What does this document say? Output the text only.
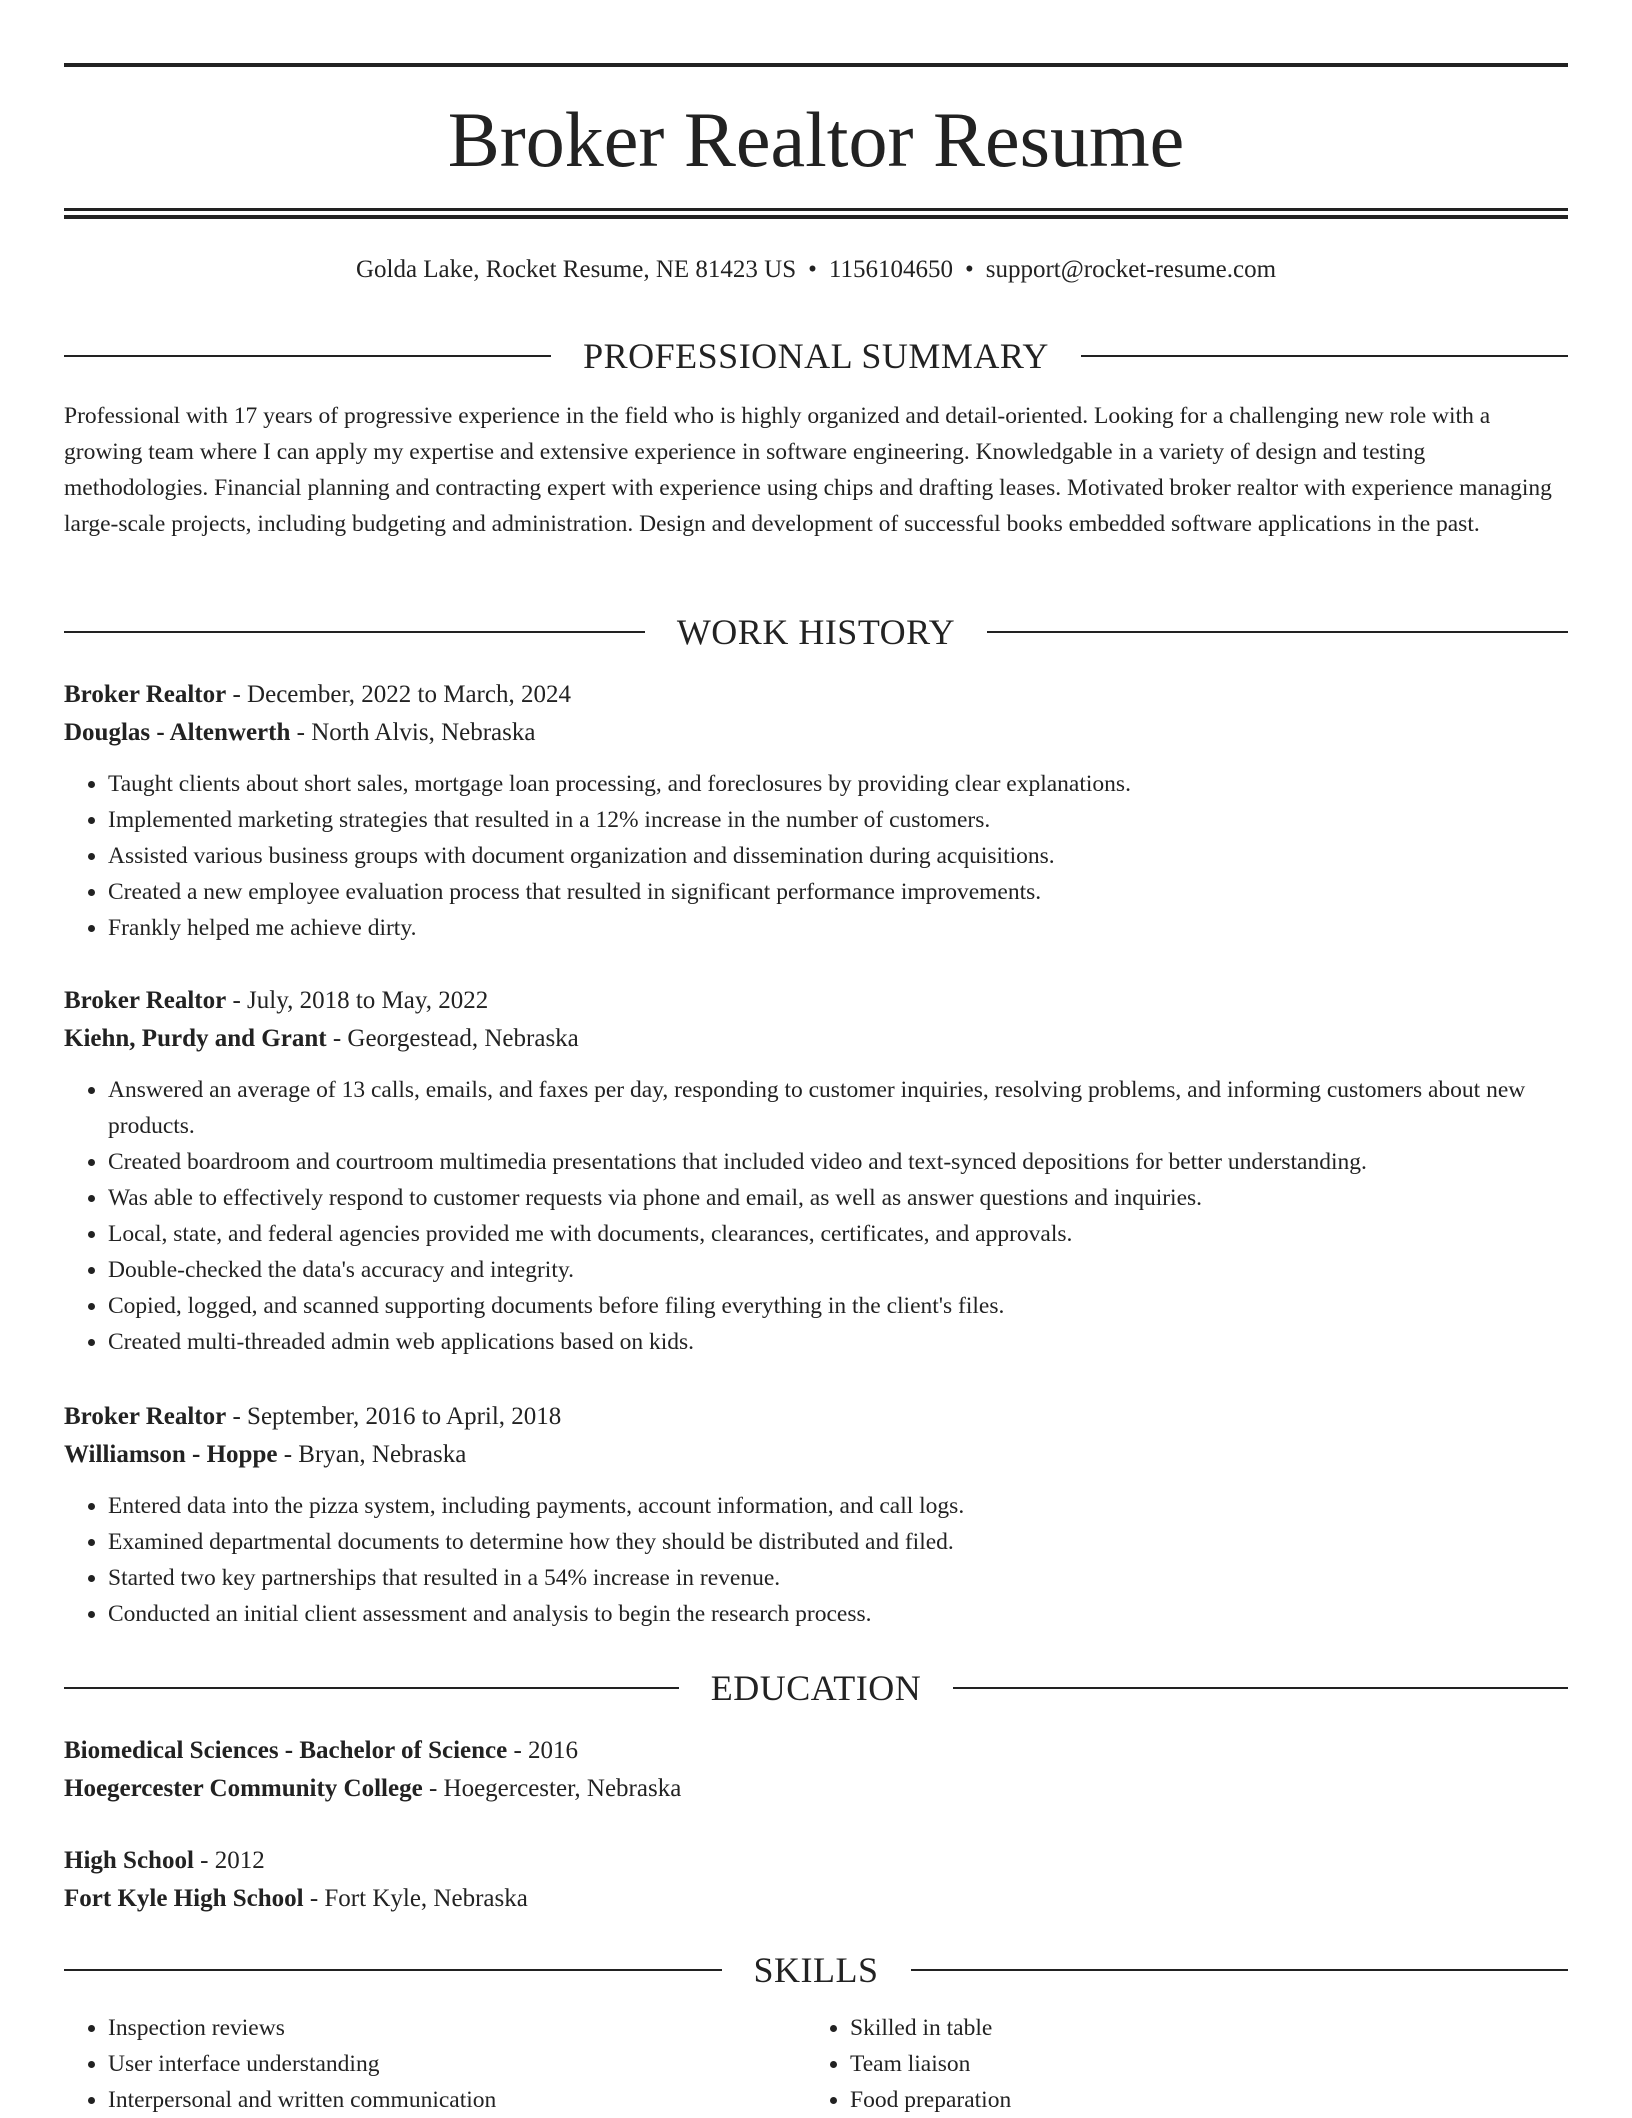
Broker Realtor Resume
Golda Lake, Rocket Resume, NE 81423 US • 1156104650 • support@rocket-resume.com
PROFESSIONAL SUMMARY

Professional with 17 years of progressive experience in the field who is highly organized and detail-oriented. Looking for a challenging new role with a growing team where I can apply my expertise and extensive experience in software engineering. Knowledgable in a variety of design and testing methodologies. Financial planning and contracting expert with experience using chips and drafting leases. Motivated broker realtor with experience managing large-scale projects, including budgeting and administration. Design and development of successful books embedded software applications in the past.

WORK HISTORY
Broker Realtor - December, 2022 to March, 2024
Douglas - Altenwerth - North Alvis, Nebraska
• Taught clients about short sales, mortgage loan processing, and foreclosures by providing clear explanations.
• Implemented marketing strategies that resulted in a 12% increase in the number of customers.
• Assisted various business groups with document organization and dissemination during acquisitions.
• Created a new employee evaluation process that resulted in significant performance improvements.
• Frankly helped me achieve dirty.
Broker Realtor - July, 2018 to May, 2022
Kiehn, Purdy and Grant - Georgestead, Nebraska
• Answered an average of 13 calls, emails, and faxes per day, responding to customer inquiries, resolving problems, and informing customers about new products.
• Created boardroom and courtroom multimedia presentations that included video and text-synced depositions for better understanding.
• Was able to effectively respond to customer requests via phone and email, as well as answer questions and inquiries.
• Local, state, and federal agencies provided me with documents, clearances, certificates, and approvals.
• Double-checked the data's accuracy and integrity.
• Copied, logged, and scanned supporting documents before filing everything in the client's files.
• Created multi-threaded admin web applications based on kids.
Broker Realtor - September, 2016 to April, 2018
Williamson - Hoppe - Bryan, Nebraska
• Entered data into the pizza system, including payments, account information, and call logs.
• Examined departmental documents to determine how they should be distributed and filed.
• Started two key partnerships that resulted in a 54% increase in revenue.
• Conducted an initial client assessment and analysis to begin the research process.
EDUCATION
Biomedical Sciences - Bachelor of Science - 2016
Hoegercester Community College - Hoegercester, Nebraska
High School - 2012
Fort Kyle High School - Fort Kyle, Nebraska
SKILLS
• Inspection reviews
• User interface understanding
• Interpersonal and written communication
• Skilled in table
• Team liaison
• Food preparation
